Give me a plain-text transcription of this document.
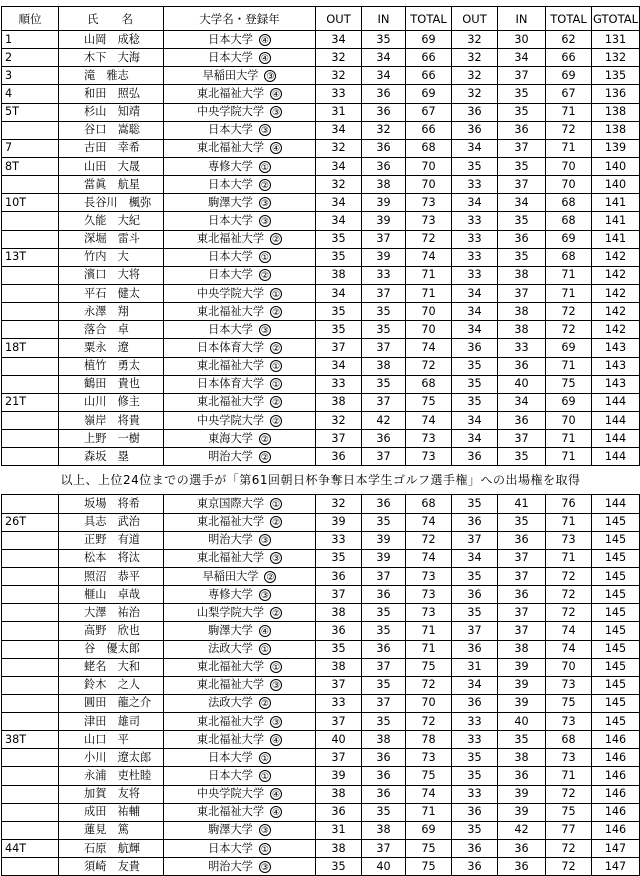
順位	氏　　名	大学名・登録年	OUT	IN	TOTAL	OUT	IN	TOTAL	GTOTAL
1	山岡　成稔	日本大学 ④	34	35	69	32	30	62	131
2	木下　大海	日本大学 ④	32	34	66	32	34	66	132
3	滝　雅志	早稲田大学 ③	32	34	66	32	37	69	135
4	和田　照弘	東北福祉大学 ④	33	36	69	32	35	67	136
5T	杉山　知靖	中央学院大学 ③	31	36	67	36	35	71	138
	谷口　嵩聡	日本大学 ③	34	32	66	36	36	72	138
7	古田　幸希	東北福祉大学 ④	32	36	68	34	37	71	139
8T	山田　大晟	専修大学 ①	34	36	70	35	35	70	140
	當眞　航星	日本大学 ②	32	38	70	33	37	70	140
10T	長谷川　楓弥	駒澤大学 ③	34	39	73	34	34	68	141
	久能　大紀	日本大学 ③	34	39	73	33	35	68	141
	深堀　雷斗	東北福祉大学 ②	35	37	72	33	36	69	141
13T	竹内　大	日本大学 ①	35	39	74	33	35	68	142
	濱口　大将	日本大学 ②	38	33	71	33	38	71	142
	平石　健太	中央学院大学 ①	34	37	71	34	37	71	142
	永澤　翔	東北福祉大学 ②	35	35	70	34	38	72	142
	落合　卓	日本大学 ③	35	35	70	34	38	72	142
18T	粟永　遼	日本体育大学 ②	37	37	74	36	33	69	143
	植竹　勇太	東北福祉大学 ①	34	38	72	35	36	71	143
	鶴田　貴也	日本体育大学 ①	33	35	68	35	40	75	143
21T	山川　修主	東北福祉大学 ②	38	37	75	35	34	69	144
	嶺岸　将貴	中央学院大学 ②	32	42	74	34	36	70	144
	上野　一樹	東海大学 ②	37	36	73	34	37	71	144
	森坂　塁	明治大学 ②	36	37	73	36	35	71	144
以上、上位24位までの選手が「第61回朝日杯争奪日本学生ゴルフ選手権」への出場権を取得									
	坂場　将希	東京国際大学 ①	32	36	68	35	41	76	144
26T	具志　武治	東北福祉大学 ②	39	35	74	36	35	71	145
	正野　有道	明治大学 ③	33	39	72	37	36	73	145
	松本　将汰	東北福祉大学 ③	35	39	74	34	37	71	145
	照沼　恭平	早稲田大学 ②	36	37	73	35	37	72	145
	榧山　卓哉	専修大学 ③	37	36	73	36	36	72	145
	大澤　祐治	山梨学院大学 ②	38	35	73	35	37	72	145
	高野　欣也	駒澤大学 ④	36	35	71	37	37	74	145
	谷　優太郎	法政大学 ①	35	36	71	36	38	74	145
	蛯名　大和	東北福祉大学 ①	38	37	75	31	39	70	145
	鈴木　之人	東北福祉大学 ③	37	35	72	34	39	73	145
	圓田　龍之介	法政大学 ②	33	37	70	36	39	75	145
	津田　雄司	東北福祉大学 ③	37	35	72	33	40	73	145
38T	山口　平	東北福祉大学 ④	40	38	78	33	35	68	146
	小川　遼太郎	日本大学 ①	37	36	73	35	38	73	146
	永浦　吏杜睦	日本大学 ①	39	36	75	35	36	71	146
	加賀　友将	中央学院大学 ④	38	36	74	33	39	72	146
	成田　祐輔	東北福祉大学 ④	36	35	71	36	39	75	146
	蓮見　篤	駒澤大学 ③	31	38	69	35	42	77	146
44T	石原　航輝	日本大学 ①	38	37	75	36	36	72	147
	須崎　友貴	明治大学 ③	35	40	75	36	36	72	147
